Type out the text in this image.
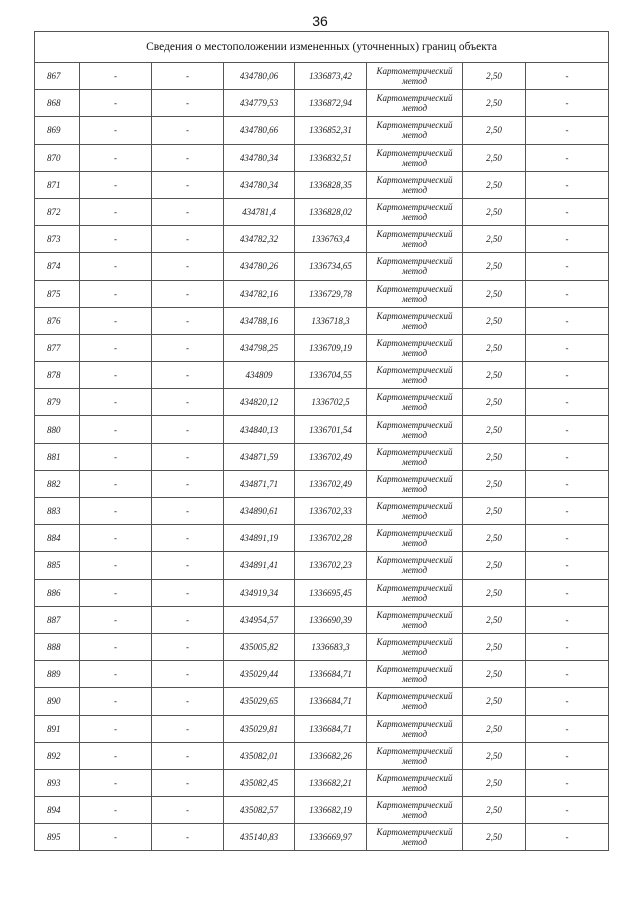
36
Сведения о местоположении измененных (уточненных) границ объекта							
867	-	-	434780,06	1336873,42	Картометрический метод	2,50	-
868	-	-	434779,53	1336872,94	Картометрический метод	2,50	-
869	-	-	434780,66	1336852,31	Картометрический метод	2,50	-
870	-	-	434780,34	1336832,51	Картометрический метод	2,50	-
871	-	-	434780,34	1336828,35	Картометрический метод	2,50	-
872	-	-	434781,4	1336828,02	Картометрический метод	2,50	-
873	-	-	434782,32	1336763,4	Картометрический метод	2,50	-
874	-	-	434780,26	1336734,65	Картометрический метод	2,50	-
875	-	-	434782,16	1336729,78	Картометрический метод	2,50	-
876	-	-	434788,16	1336718,3	Картометрический метод	2,50	-
877	-	-	434798,25	1336709,19	Картометрический метод	2,50	-
878	-	-	434809	1336704,55	Картометрический метод	2,50	-
879	-	-	434820,12	1336702,5	Картометрический метод	2,50	-
880	-	-	434840,13	1336701,54	Картометрический метод	2,50	-
881	-	-	434871,59	1336702,49	Картометрический метод	2,50	-
882	-	-	434871,71	1336702,49	Картометрический метод	2,50	-
883	-	-	434890,61	1336702,33	Картометрический метод	2,50	-
884	-	-	434891,19	1336702,28	Картометрический метод	2,50	-
885	-	-	434891,41	1336702,23	Картометрический метод	2,50	-
886	-	-	434919,34	1336695,45	Картометрический метод	2,50	-
887	-	-	434954,57	1336690,39	Картометрический метод	2,50	-
888	-	-	435005,82	1336683,3	Картометрический метод	2,50	-
889	-	-	435029,44	1336684,71	Картометрический метод	2,50	-
890	-	-	435029,65	1336684,71	Картометрический метод	2,50	-
891	-	-	435029,81	1336684,71	Картометрический метод	2,50	-
892	-	-	435082,01	1336682,26	Картометрический метод	2,50	-
893	-	-	435082,45	1336682,21	Картометрический метод	2,50	-
894	-	-	435082,57	1336682,19	Картометрический метод	2,50	-
895	-	-	435140,83	1336669,97	Картометрический метод	2,50	-
